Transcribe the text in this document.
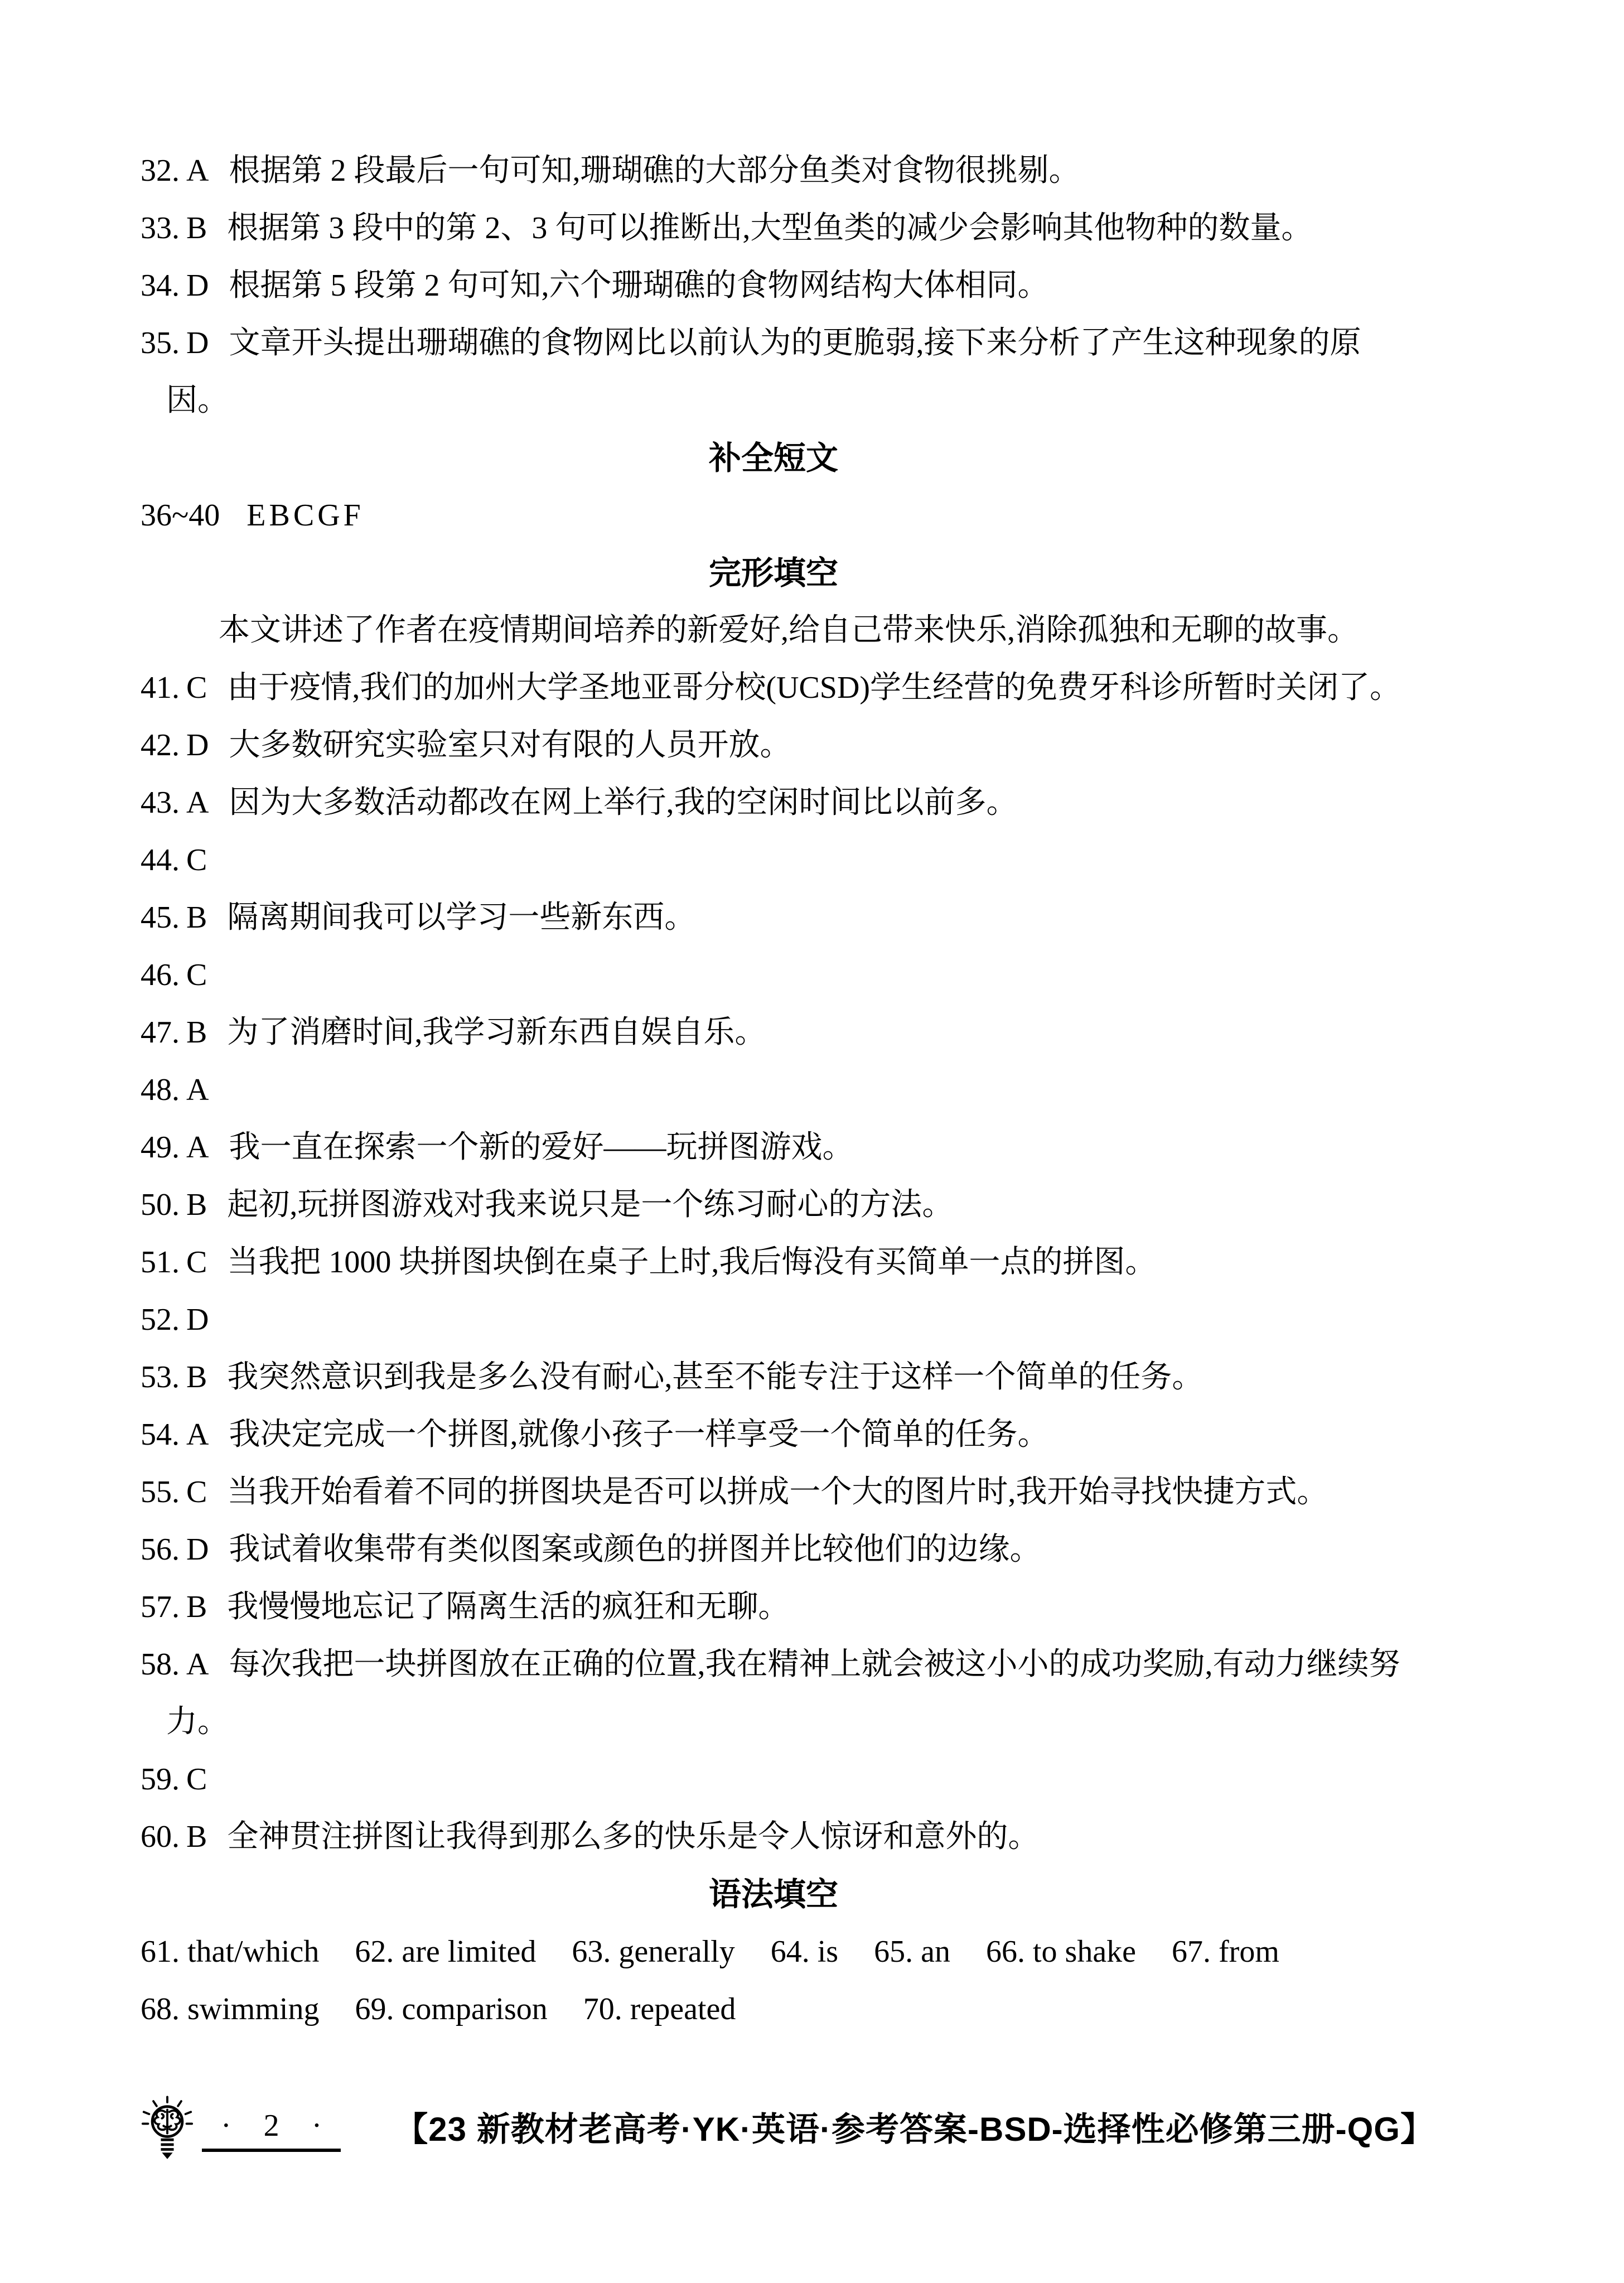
32. A 根据第 2 段最后一句可知,珊瑚礁的大部分鱼类对食物很挑剔。
33. B 根据第 3 段中的第 2、3 句可以推断出,大型鱼类的减少会影响其他物种的数量。
34. D 根据第 5 段第 2 句可知,六个珊瑚礁的食物网结构大体相同。
35. D 文章开头提出珊瑚礁的食物网比以前认为的更脆弱,接下来分析了产生这种现象的原因。
补全短文
36~40 EBCGF
完形填空

本文讲述了作者在疫情期间培养的新爱好,给自己带来快乐,消除孤独和无聊的故事。

41. C 由于疫情,我们的加州大学圣地亚哥分校(UCSD)学生经营的免费牙科诊所暂时关闭了。
42. D 大多数研究实验室只对有限的人员开放。
43. A 因为大多数活动都改在网上举行,我的空闲时间比以前多。
44. C
45. B 隔离期间我可以学习一些新东西。
46. C
47. B 为了消磨时间,我学习新东西自娱自乐。
48. A
49. A 我一直在探索一个新的爱好——玩拼图游戏。
50. B 起初,玩拼图游戏对我来说只是一个练习耐心的方法。
51. C 当我把 1000 块拼图块倒在桌子上时,我后悔没有买简单一点的拼图。
52. D
53. B 我突然意识到我是多么没有耐心,甚至不能专注于这样一个简单的任务。
54. A 我决定完成一个拼图,就像小孩子一样享受一个简单的任务。
55. C 当我开始看着不同的拼图块是否可以拼成一个大的图片时,我开始寻找快捷方式。
56. D 我试着收集带有类似图案或颜色的拼图并比较他们的边缘。
57. B 我慢慢地忘记了隔离生活的疯狂和无聊。
58. A 每次我把一块拼图放在正确的位置,我在精神上就会被这小小的成功奖励,有动力继续努力。
59. C
60. B 全神贯注拼图让我得到那么多的快乐是令人惊讶和意外的。
语法填空
61. that/which 62. are limited 63. generally 64. is 65. an 66. to shake 67. from
68. swimming 69. comparison 70. repeated
· 2 · 【23 新教材老高考·YK·英语·参考答案-BSD-选择性必修第三册-QG】
